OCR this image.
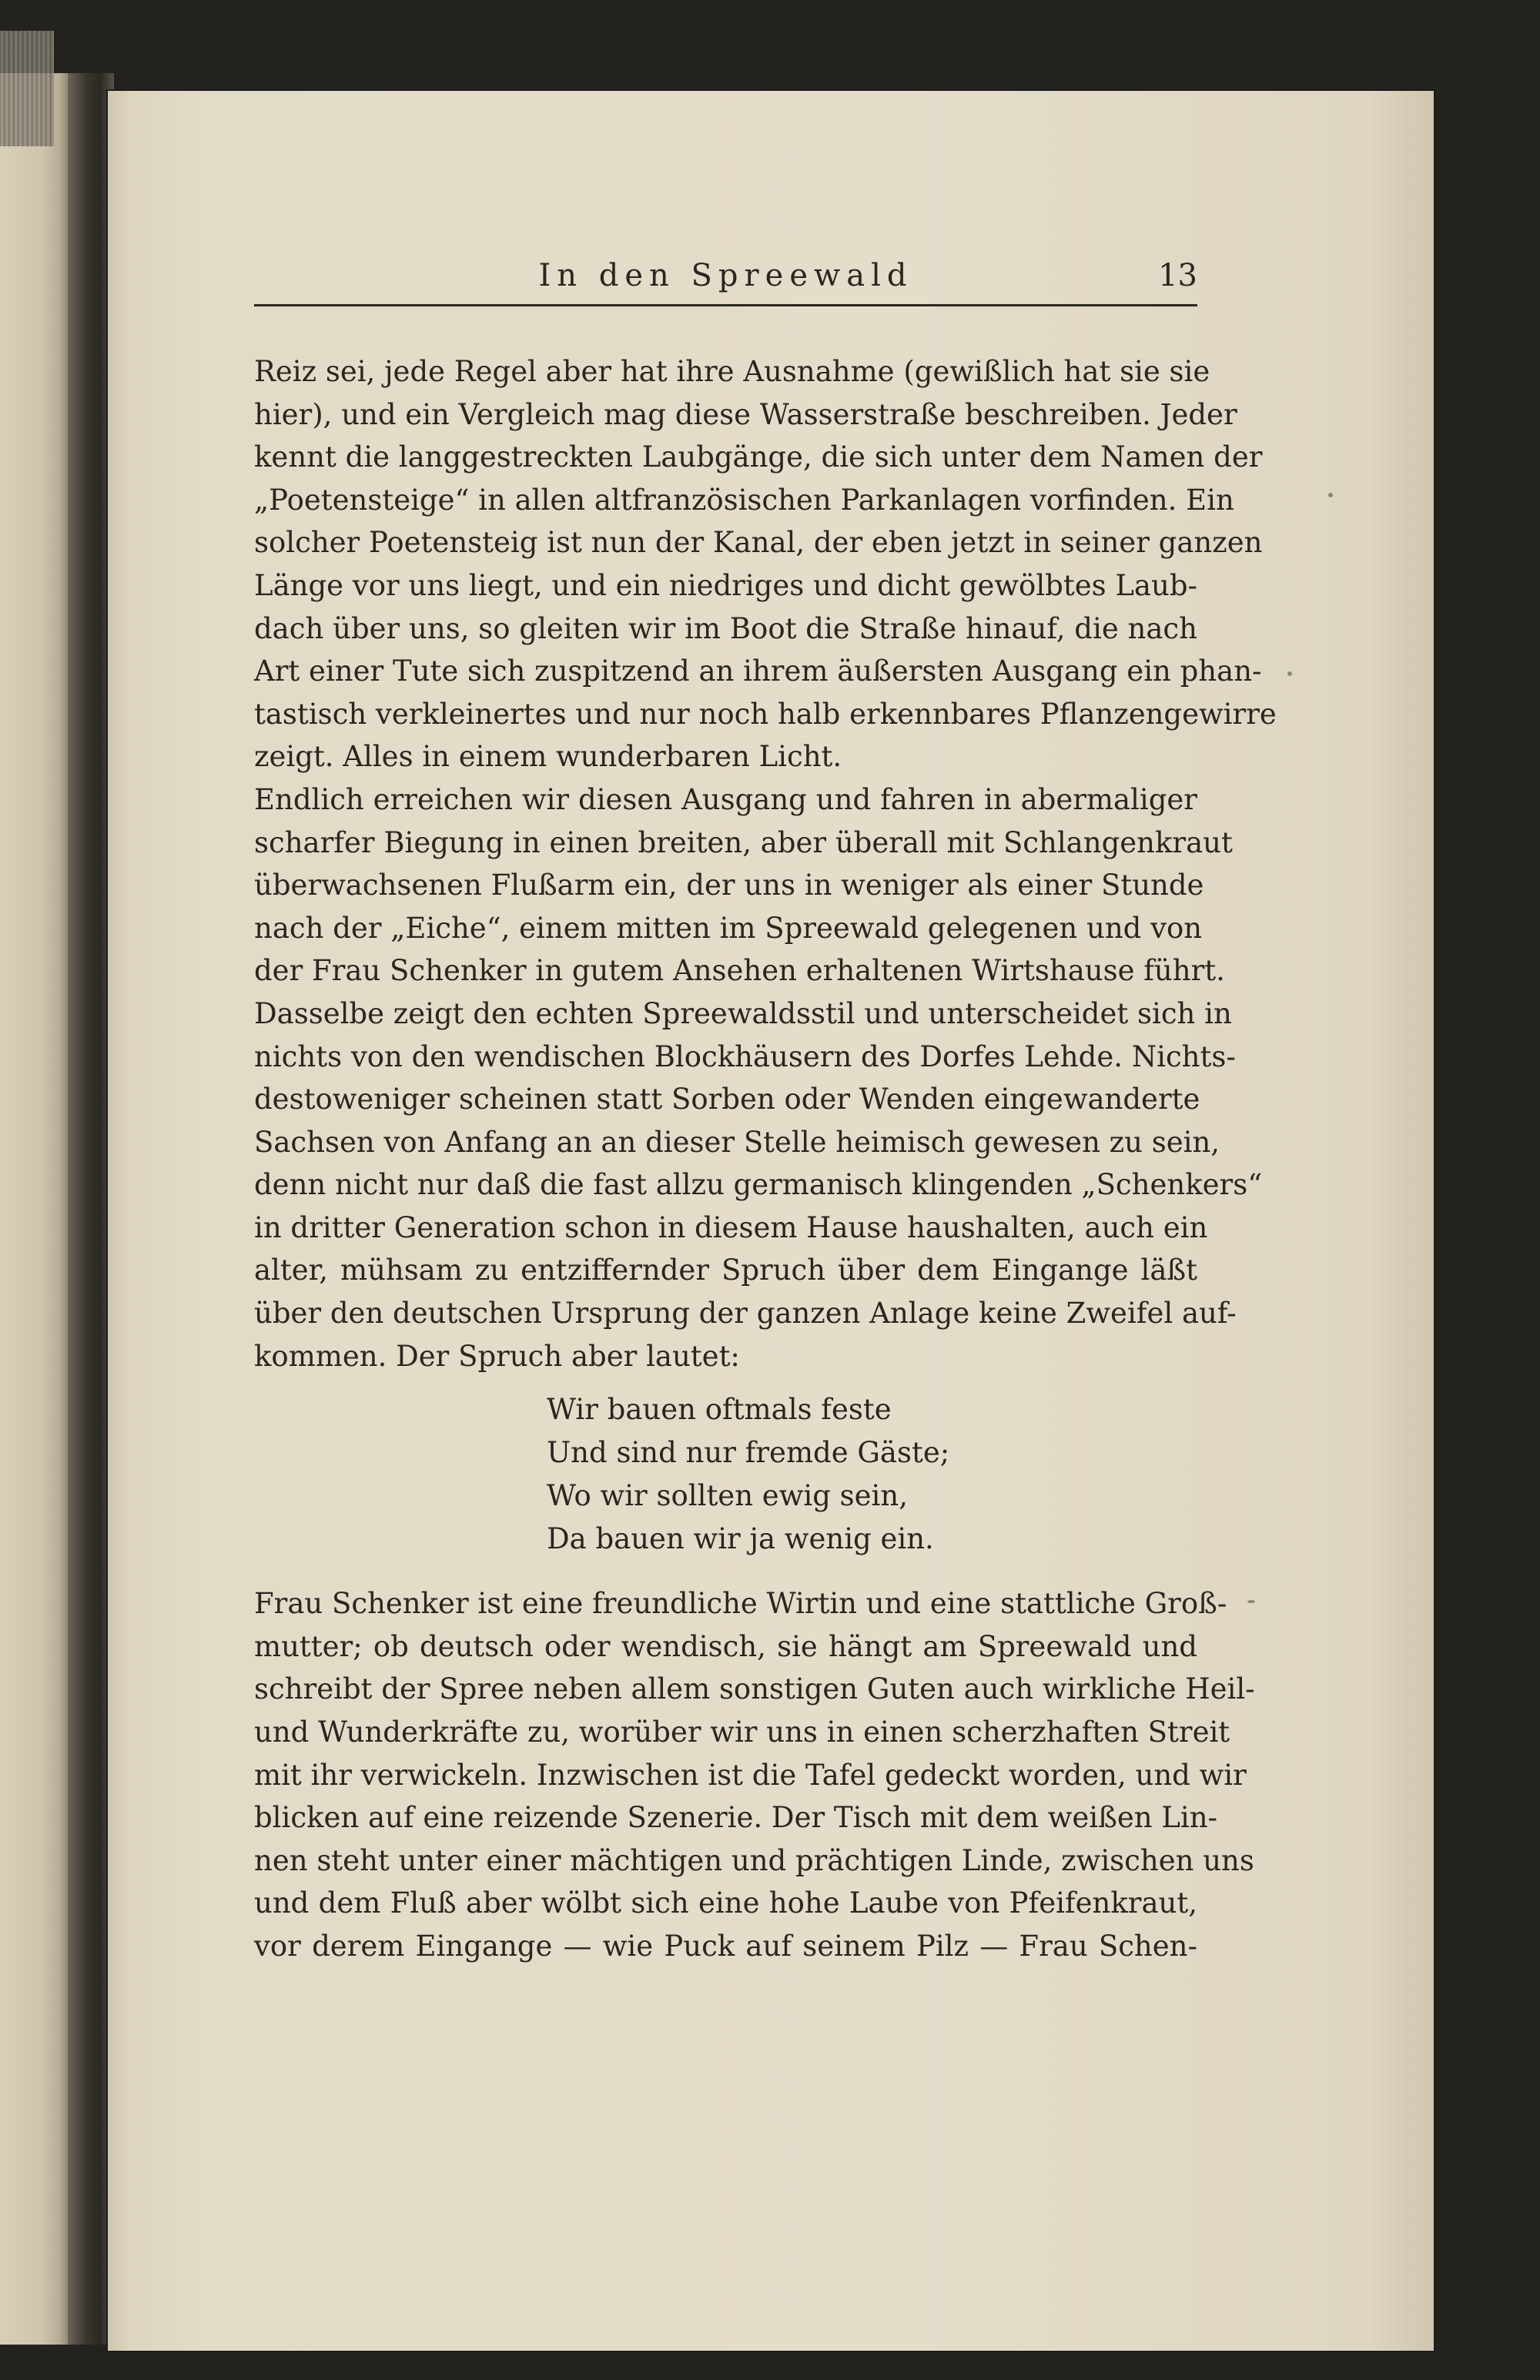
In den Spreewald	13
Reiz sei, jede Regel aber hat ihre Ausnahme (gewißlich hat sie sie
hier), und ein Vergleich mag diese Wasserstraße beschreiben. Jeder
kennt die langgestreckten Laubgänge, die sich unter dem Namen der
„Poetensteige“ in allen altfranzösischen Parkanlagen vorfinden. Ein
solcher Poetensteig ist nun der Kanal, der eben jetzt in seiner ganzen
Länge vor uns liegt, und ein niedriges und dicht gewölbtes Laub-
dach über uns, so gleiten wir im Boot die Straße hinauf, die nach
Art einer Tute sich zuspitzend an ihrem äußersten Ausgang ein phan-
tastisch verkleinertes und nur noch halb erkennbares Pflanzengewirre
zeigt. Alles in einem wunderbaren Licht.
Endlich erreichen wir diesen Ausgang und fahren in abermaliger
scharfer Biegung in einen breiten, aber überall mit Schlangenkraut
überwachsenen Flußarm ein, der uns in weniger als einer Stunde
nach der „Eiche“, einem mitten im Spreewald gelegenen und von
der Frau Schenker in gutem Ansehen erhaltenen Wirtshause führt.
Dasselbe zeigt den echten Spreewaldsstil und unterscheidet sich in
nichts von den wendischen Blockhäusern des Dorfes Lehde. Nichts-
destoweniger scheinen statt Sorben oder Wenden eingewanderte
Sachsen von Anfang an an dieser Stelle heimisch gewesen zu sein,
denn nicht nur daß die fast allzu germanisch klingenden „Schenkers“
in dritter Generation schon in diesem Hause haushalten, auch ein
alter, mühsam zu entziffernder Spruch über dem Eingange läßt
über den deutschen Ursprung der ganzen Anlage keine Zweifel auf-
kommen. Der Spruch aber lautet:
Wir bauen oftmals feste
Und sind nur fremde Gäste;
Wo wir sollten ewig sein,
Da bauen wir ja wenig ein.
Frau Schenker ist eine freundliche Wirtin und eine stattliche Groß-
mutter; ob deutsch oder wendisch, sie hängt am Spreewald und
schreibt der Spree neben allem sonstigen Guten auch wirkliche Heil-
und Wunderkräfte zu, worüber wir uns in einen scherzhaften Streit
mit ihr verwickeln. Inzwischen ist die Tafel gedeckt worden, und wir
blicken auf eine reizende Szenerie. Der Tisch mit dem weißen Lin-
nen steht unter einer mächtigen und prächtigen Linde, zwischen uns
und dem Fluß aber wölbt sich eine hohe Laube von Pfeifenkraut,
vor derem Eingange — wie Puck auf seinem Pilz — Frau Schen-
